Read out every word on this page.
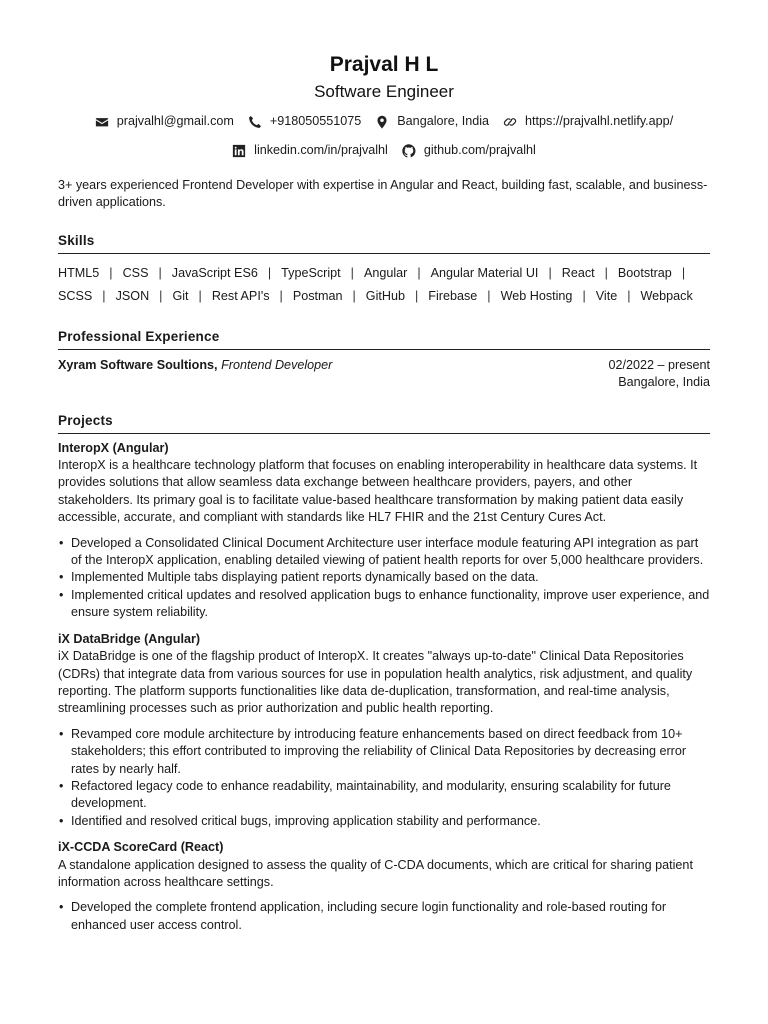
Prajval H L
Software Engineer
prajvalhl@gmail.com	+918050551075	Bangalore, India	https://prajvalhl.netlify.app/
linkedin.com/in/prajvalhl	github.com/prajvalhl

3+ years experienced Frontend Developer with expertise in Angular and React, building fast, scalable, and business-driven applications.

Skills
HTML5 | CSS | JavaScript ES6 | TypeScript | Angular | Angular Material UI | React | Bootstrap |
SCSS | JSON | Git | Rest API's | Postman | GitHub | Firebase | Web Hosting | Vite | Webpack
Professional Experience
Xyram Software Soultions, Frontend Developer	02/2022 – present
Bangalore, India
Projects
InteropX (Angular)

InteropX is a healthcare technology platform that focuses on enabling interoperability in healthcare data systems. It provides solutions that allow seamless data exchange between healthcare providers, payers, and other stakeholders. Its primary goal is to facilitate value-based healthcare transformation by making patient data easily accessible, accurate, and compliant with standards like HL7 FHIR and the 21st Century Cures Act.

• Developed a Consolidated Clinical Document Architecture user interface module featuring API integration as part of the InteropX application, enabling detailed viewing of patient health reports for over 5,000 healthcare providers.
• Implemented Multiple tabs displaying patient reports dynamically based on the data.
• Implemented critical updates and resolved application bugs to enhance functionality, improve user experience, and ensure system reliability.
iX DataBridge (Angular)

iX DataBridge is one of the flagship product of InteropX. It creates "always up-to-date" Clinical Data Repositories (CDRs) that integrate data from various sources for use in population health analytics, risk adjustment, and quality reporting. The platform supports functionalities like data de-duplication, transformation, and real-time analysis, streamlining processes such as prior authorization and public health reporting.

• Revamped core module architecture by introducing feature enhancements based on direct feedback from 10+ stakeholders; this effort contributed to improving the reliability of Clinical Data Repositories by decreasing error rates by nearly half.
• Refactored legacy code to enhance readability, maintainability, and modularity, ensuring scalability for future development.
• Identified and resolved critical bugs, improving application stability and performance.
iX-CCDA ScoreCard (React)

A standalone application designed to assess the quality of C-CDA documents, which are critical for sharing patient information across healthcare settings.

• Developed the complete frontend application, including secure login functionality and role-based routing for enhanced user access control.
